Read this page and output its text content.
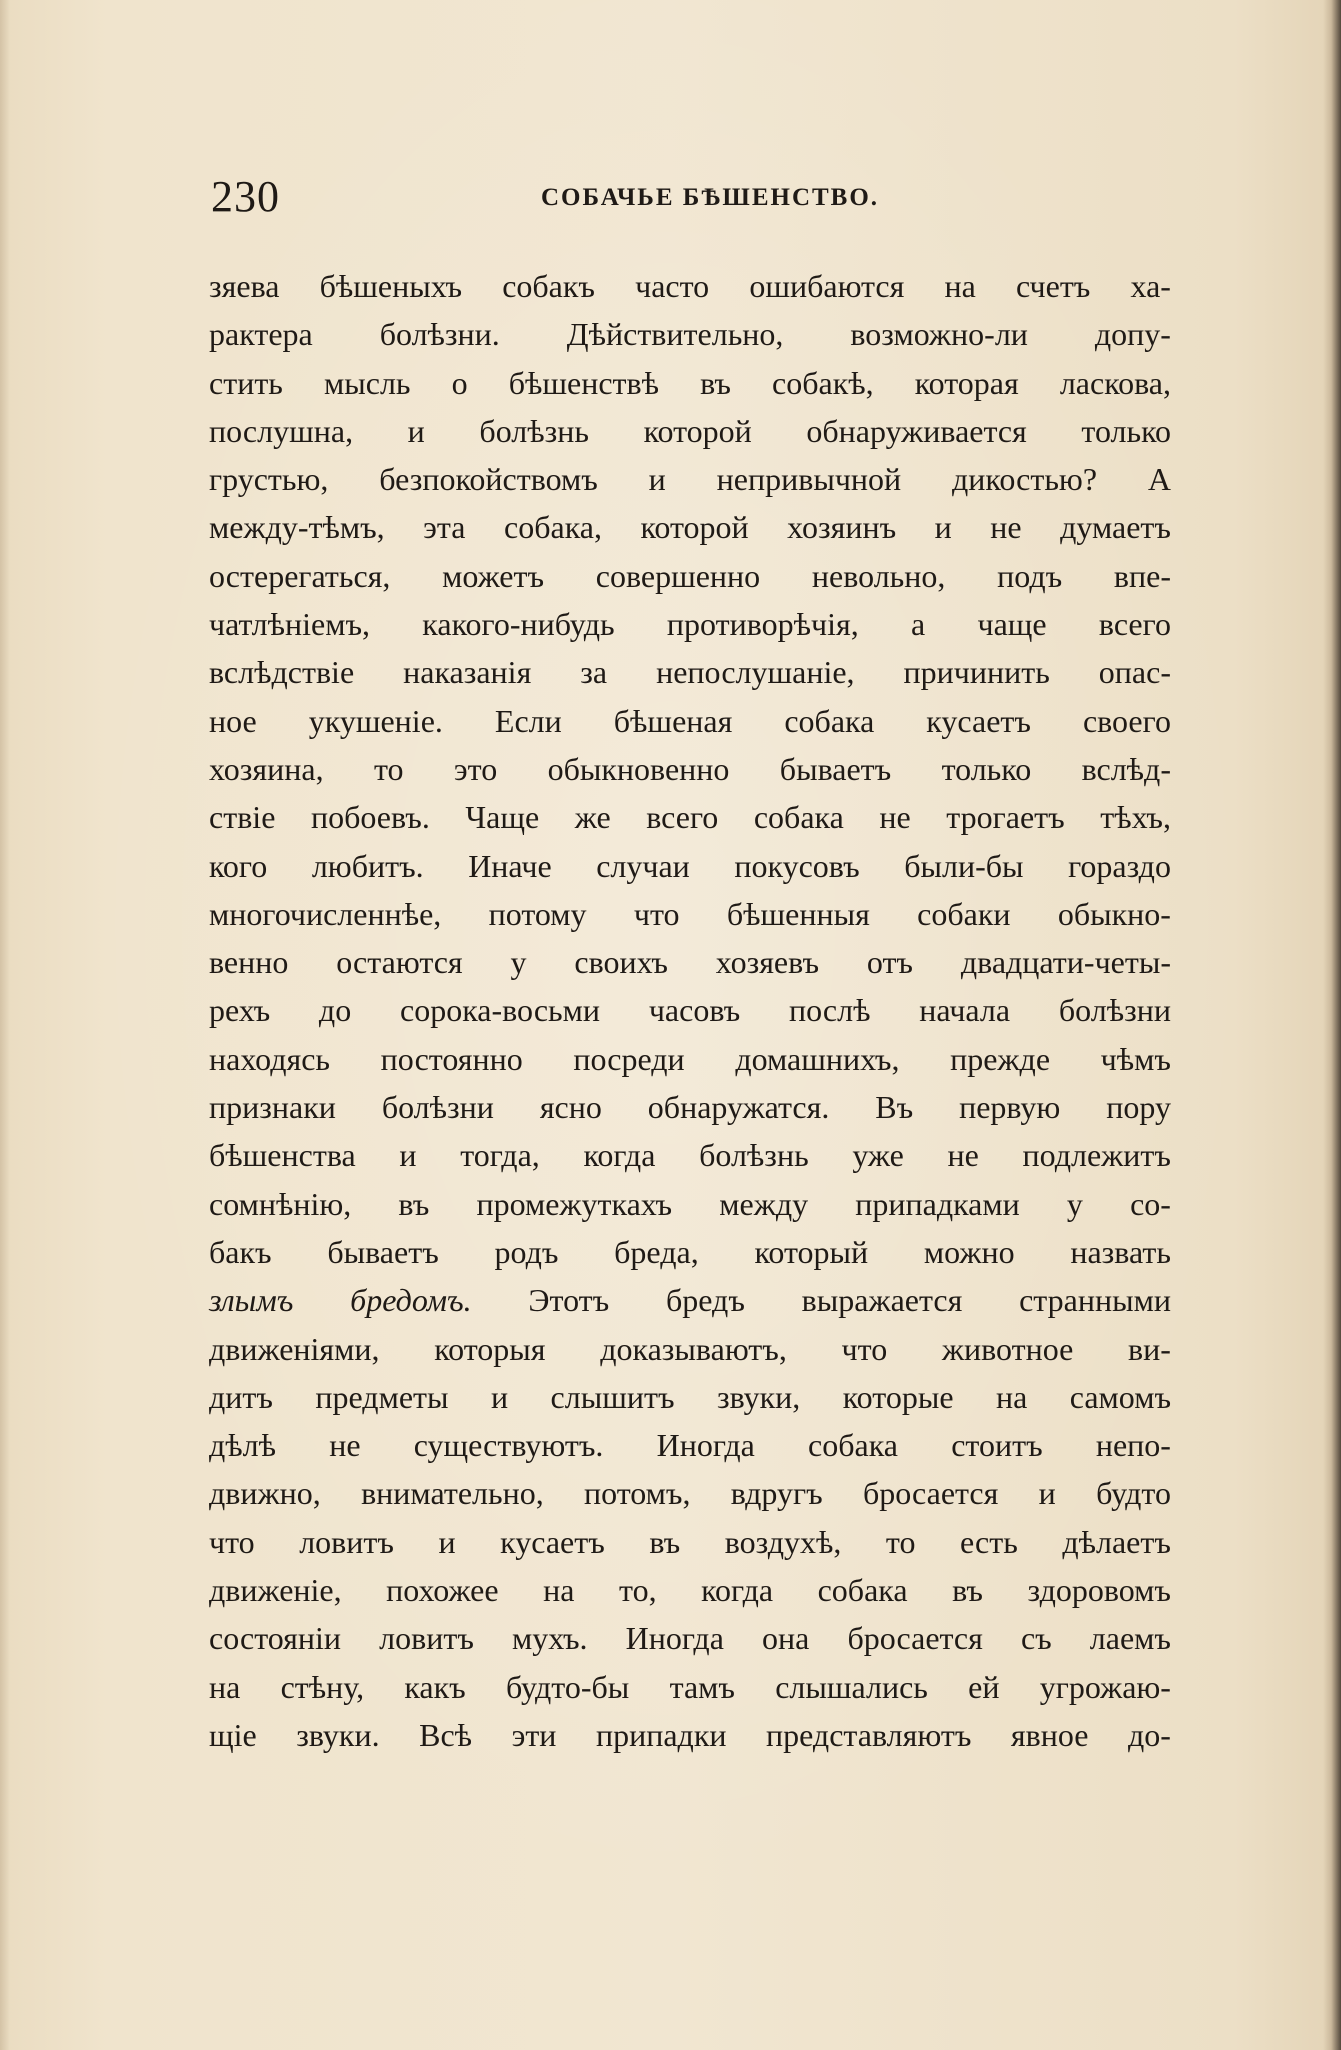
230	СОБАЧЬЕ БѢШЕНСТВО.
зяева бѣшеныхъ собакъ часто ошибаются на счетъ ха-
рактера болѣзни. Дѣйствительно, возможно-ли допу-
стить мысль о бѣшенствѣ въ собакѣ, которая ласкова,
послушна, и болѣзнь которой обнаруживается только
грустью, безпокойствомъ и непривычной дикостью? А
между-тѣмъ, эта собака, которой хозяинъ и не думаетъ
остерегаться, можетъ совершенно невольно, подъ впе-
чатлѣніемъ, какого-нибудь противорѣчія, а чаще всего
вслѣдствіе наказанія за непослушаніе, причинить опас-
ное укушеніе. Если бѣшеная собака кусаетъ своего
хозяина, то это обыкновенно бываетъ только вслѣд-
ствіе побоевъ. Чаще же всего собака не трогаетъ тѣхъ,
кого любитъ. Иначе случаи покусовъ были-бы гораздо
многочисленнѣе, потому что бѣшенныя собаки обыкно-
венно остаются у своихъ хозяевъ отъ двадцати-четы-
рехъ до сорока-восьми часовъ послѣ начала болѣзни
находясь постоянно посреди домашнихъ, прежде чѣмъ
признаки болѣзни ясно обнаружатся. Въ первую пору
бѣшенства и тогда, когда болѣзнь уже не подлежитъ
сомнѣнію, въ промежуткахъ между припадками у со-
бакъ бываетъ родъ бреда, который можно назвать
злымъ бредомъ. Этотъ бредъ выражается странными
движеніями, которыя доказываютъ, что животное ви-
дитъ предметы и слышитъ звуки, которые на самомъ
дѣлѣ не существуютъ. Иногда собака стоитъ непо-
движно, внимательно, потомъ, вдругъ бросается и будто
что ловитъ и кусаетъ въ воздухѣ, то есть дѣлаетъ
движеніе, похожее на то, когда собака въ здоровомъ
состояніи ловитъ мухъ. Иногда она бросается съ лаемъ
на стѣну, какъ будто-бы тамъ слышались ей угрожаю-
щіе звуки. Всѣ эти припадки представляютъ явное до-
